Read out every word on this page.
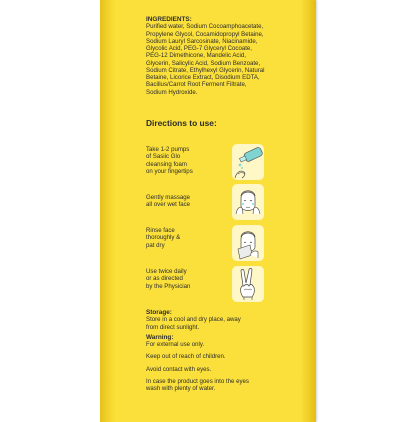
INGREDIENTS:

Purified water, Sodium Cocoamphoacetate,
Propylene Glycol, Cocamidopropyl Betaine,
Sodium Lauryl Sarcosinate, Niacinamide,
Glycolic Acid, PEG-7 Glyceryl Cocoate,
PEG-12 Dimethicone, Mandelic Acid,
Glycerin, Salicylic Acid, Sodium Benzoate,
Sodium Citrate, Ethylhexyl Glycerin, Natural
Betaine, Licorice Extract, Disodium EDTA,
Bacillus/Carrot Root Ferment Filtrate,
Sodium Hydroxide.

Directions to use:
Take 1-2 pumps
of Sasiic Glo
cleansing foam
on your fingertips
Gently massage
all over wet face
Rinse face
thoroughly &
pat dry
Use twice daily
or as directed
by the Physician

Storage:

Store in a cool and dry place, away
from direct sunlight.

Warning:

For external use only.

Keep out of reach of children.

Avoid contact with eyes.

In case the product goes into the eyes
wash with plenty of water.
